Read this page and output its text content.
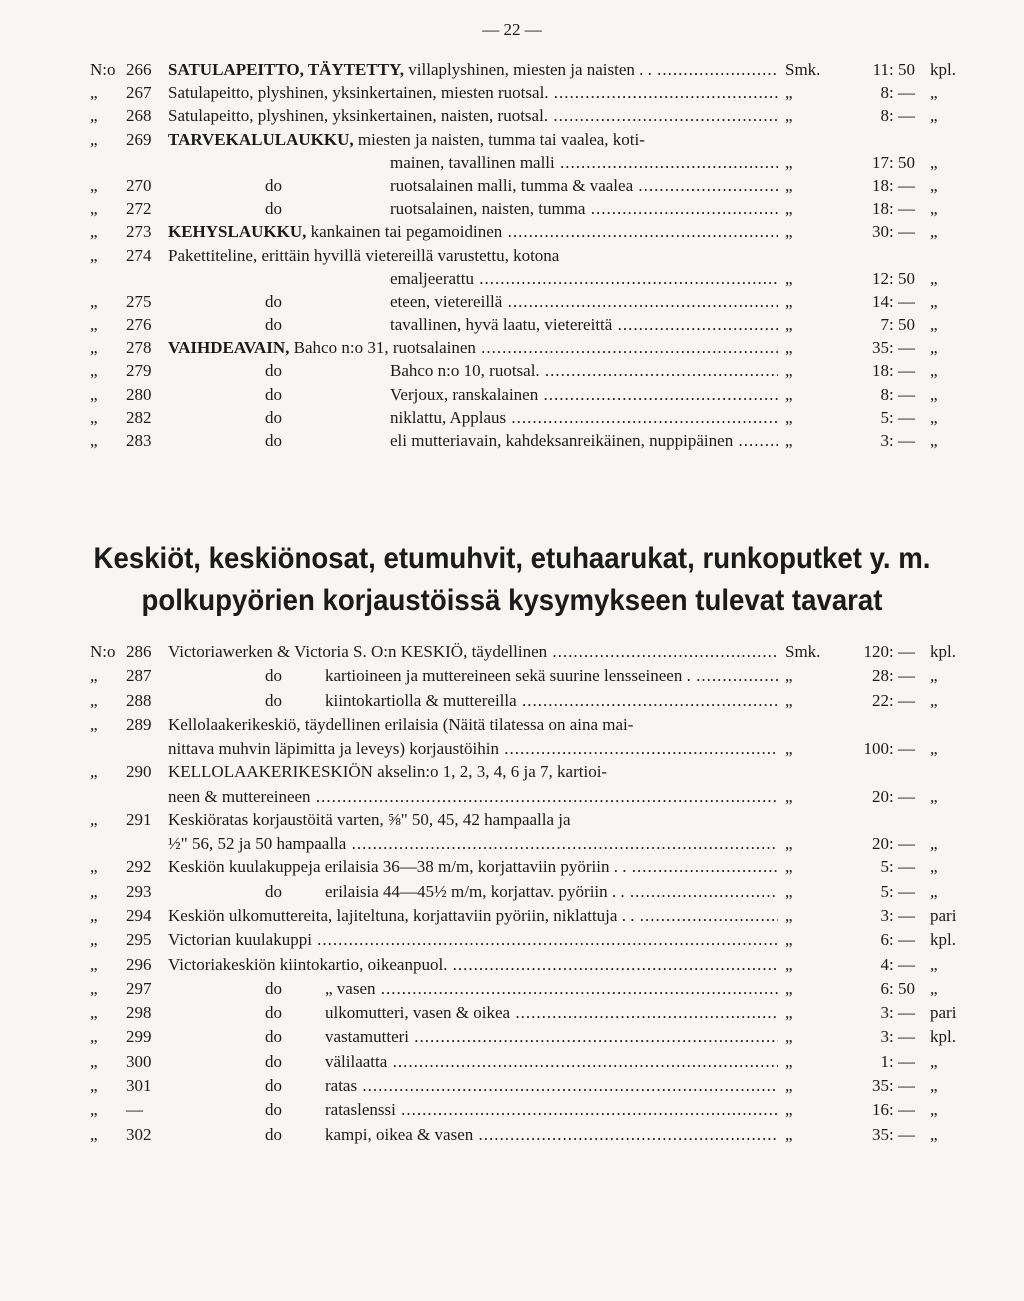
— 22 —
N:o 266 SATULAPEITTO, TÄYTETTY, villaplyshinen, miesten ja naisten . . .....	Smk.	11: 50 kpl.
„ 267 Satulapeitto, plyshinen, yksinkertainen, miesten ruotsal. .....	„	8: — „
„ 268 Satulapeitto, plyshinen, yksinkertainen, naisten, ruotsal. .....	„	8: — „
„ 269 TARVEKALULAUKKU, miesten ja naisten, tumma tai vaalea, koti-
mainen, tavallinen malli .....	„	17: 50 „
„ 270	do	ruotsalainen malli, tumma & vaalea .....	„	18: — „
„ 272	do	ruotsalainen, naisten, tumma .....	„	18: — „
„ 273 KEHYSLAUKKU, kankainen tai pegamoidinen .....	„	30: — „
„ 274 Pakettiteline, erittäin hyvillä vietereillä varustettu, kotona
emaljeerattu .....	„	12: 50 „
„ 275	do	eteen, vietereillä .....	„	14: — „
„ 276	do	tavallinen, hyvä laatu, vietereittä .....	„	7: 50 „
„ 278 VAIHDEAVAIN, Bahco n:o 31, ruotsalainen .....	„	35: — „
„ 279	do	Bahco n:o 10, ruotsal. .....	„	18: — „
„ 280	do	Verjoux, ranskalainen .....	„	8: — „
„ 282	do	niklattu, Applaus .....	„	5: — „
„ 283	do	eli mutteriavain, kahdeksanreikäinen, nuppipäinen .....	„	3: — „
Keskiöt, keskiönosat, etumuhvit, etuhaarukat, runkoputket y. m.
polkupyörien korjaustöissä kysymykseen tulevat tavarat
N:o 286 Victoriawerken & Victoria S. O:n KESKIÖ, täydellinen .....	Smk.	120: — kpl.
„ 287	do	kartioineen ja muttereineen sekä suurine lensseineen . .....	„	28: — „
„ 288	do	kiintokartiolla & muttereilla .....	„	22: — „
„ 289 Kellolaakerikeskiö, täydellinen erilaisia (Näitä tilatessa on aina mai-
nittava muhvin läpimitta ja leveys) korjaustöihin .....	„	100: — „
„ 290 KELLOLAAKERIKESKIÖN akselin:o 1, 2, 3, 4, 6 ja 7, kartioi-
neen & muttereineen .....	„	20: — „
„ 291 Keskiöratas korjaustöitä varten, ⅝" 50, 45, 42 hampaalla ja
½" 56, 52 ja 50 hampaalla .....	„	20: — „
„ 292 Keskiön kuulakuppeja erilaisia 36—38 m/m, korjattaviin pyöriin . . .....	„	5: — „
„ 293	do	erilaisia 44—45½ m/m, korjattav. pyöriin . . .....	„	5: — „
„ 294 Keskiön ulkomuttereita, lajiteltuna, korjattaviin pyöriin, niklattuja . . .....	„	3: — pari
„ 295 Victorian kuulakuppi .....	„	6: — kpl.
„ 296 Victoriakeskiön kiintokartio, oikeanpuol. .....	„	4: — „
„ 297	do	„ vasen .....	„	6: 50 „
„ 298	do	ulkomutteri, vasen & oikea .....	„	3: — pari
„ 299	do	vastamutteri .....	„	3: — kpl.
„ 300	do	välilaatta .....	„	1: — „
„ 301	do	ratas .....	„	35: — „
„ —	do	rataslenssi .....	„	16: — „
„ 302	do	kampi, oikea & vasen .....	„	35: — „
